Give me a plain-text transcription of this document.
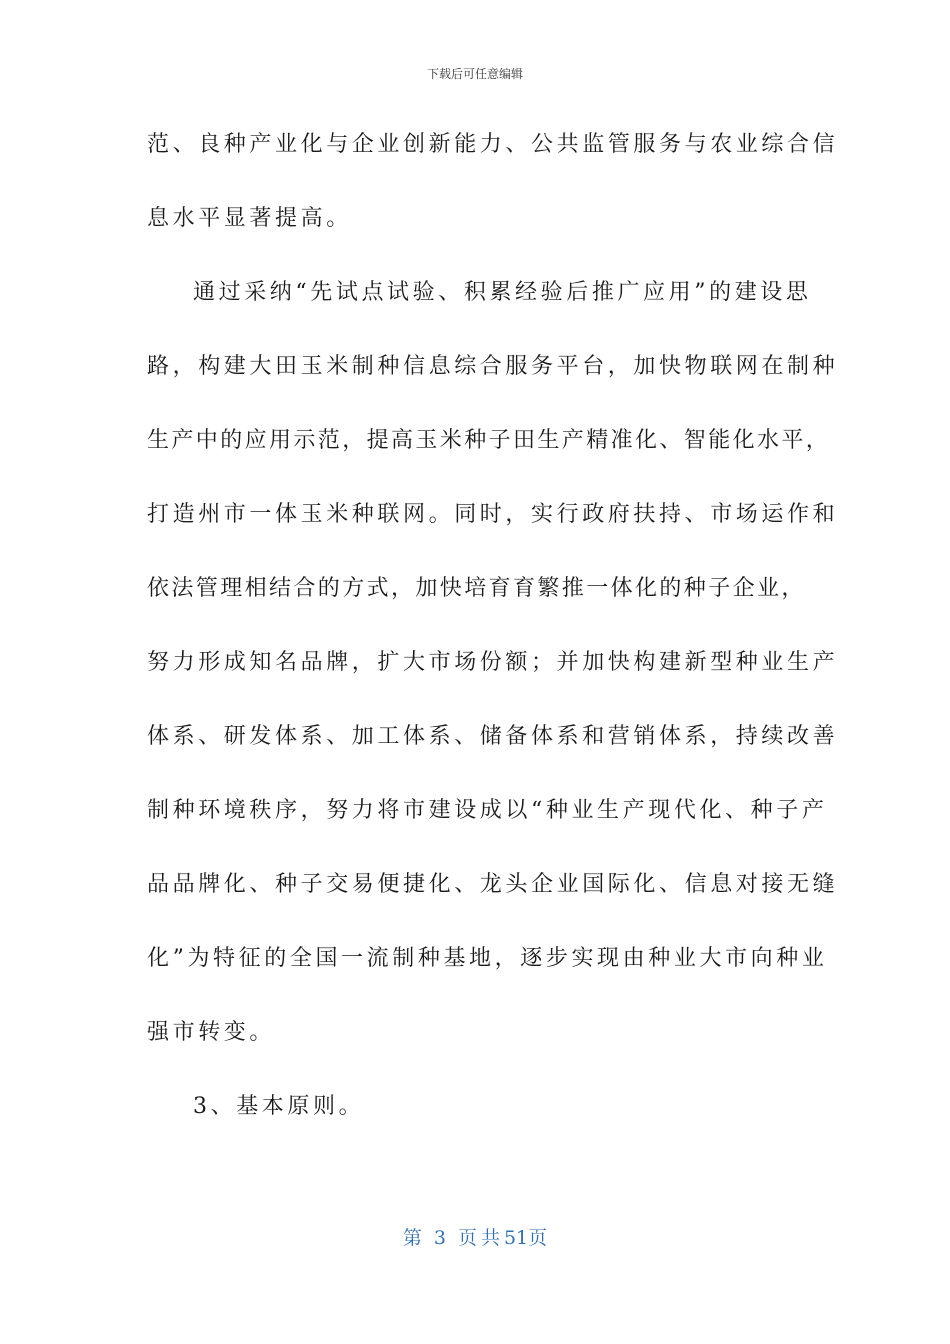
下载后可任意编辑
范、良种产业化与企业创新能力、公共监管服务与农业综合信
息水平显著提高。
通过采纳“先试点试验、积累经验后推广应用”的建设思
路，构建大田玉米制种信息综合服务平台，加快物联网在制种
生产中的应用示范，提高玉米种子田生产精准化、智能化水平，
打造州市一体玉米种联网。同时，实行政府扶持、市场运作和
依法管理相结合的方式，加快培育育繁推一体化的种子企业，
努力形成知名品牌，扩大市场份额；并加快构建新型种业生产
体系、研发体系、加工体系、储备体系和营销体系，持续改善
制种环境秩序，努力将市建设成以“种业生产现代化、种子产
品品牌化、种子交易便捷化、龙头企业国际化、信息对接无缝
化”为特征的全国一流制种基地，逐步实现由种业大市向种业
强市转变。
3、基本原则。
第 3 页 共 51页
